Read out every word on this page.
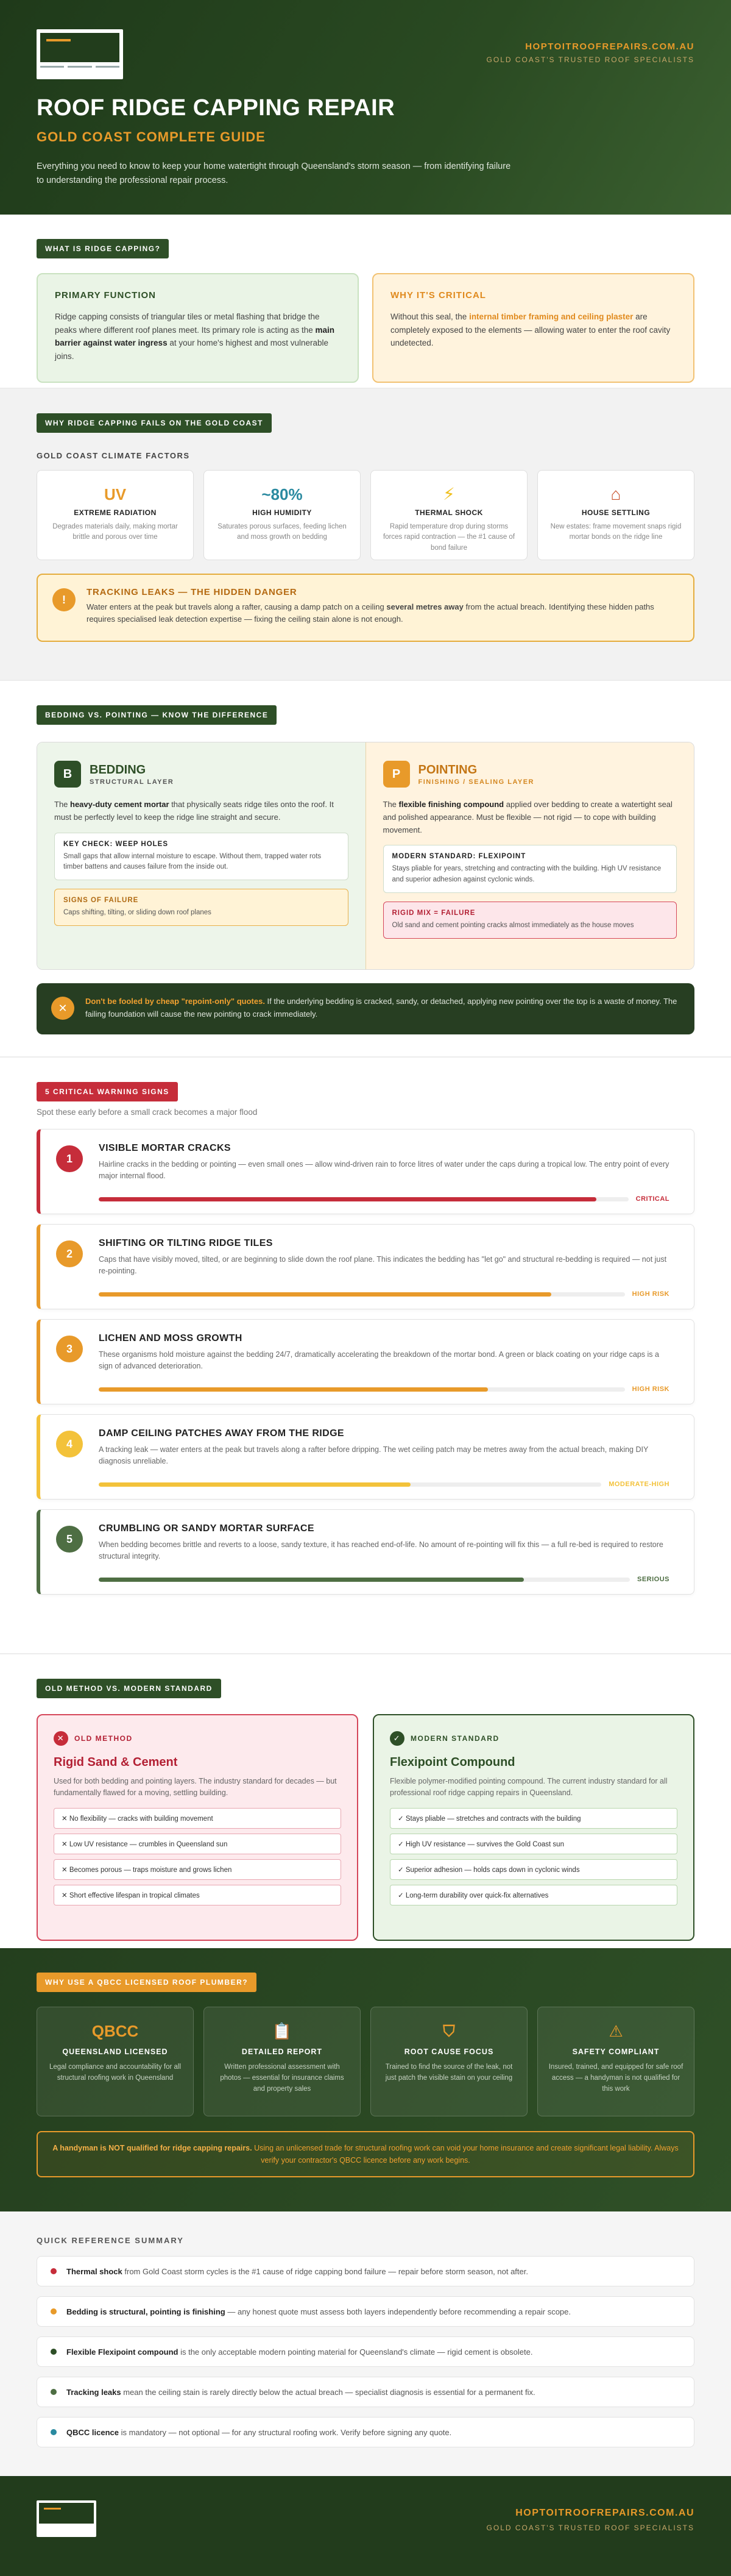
HOPTOITROOFREPAIRS.COM.AU
GOLD COAST'S TRUSTED ROOF SPECIALISTS
ROOF RIDGE CAPPING REPAIR
GOLD COAST COMPLETE GUIDE

Everything you need to know to keep your home watertight through Queensland's storm season — from identifying failure to understanding the professional repair process.

WHAT IS RIDGE CAPPING?
PRIMARY FUNCTION

Ridge capping consists of triangular tiles or metal flashing that bridge the peaks where different roof planes meet. Its primary role is acting as the main barrier against water ingress at your home's highest and most vulnerable joins.

WHY IT'S CRITICAL

Without this seal, the internal timber framing and ceiling plaster are completely exposed to the elements — allowing water to enter the roof cavity undetected.

WHY RIDGE CAPPING FAILS ON THE GOLD COAST
GOLD COAST CLIMATE FACTORS
UV
EXTREME RADIATION
Degrades materials daily, making mortar brittle and porous over time
~80%
HIGH HUMIDITY
Saturates porous surfaces, feeding lichen and moss growth on bedding
⚡
THERMAL SHOCK
Rapid temperature drop during storms forces rapid contraction — the #1 cause of bond failure
⌂
HOUSE SETTLING
New estates: frame movement snaps rigid mortar bonds on the ridge line
!
TRACKING LEAKS — THE HIDDEN DANGER

Water enters at the peak but travels along a rafter, causing a damp patch on a ceiling several metres away from the actual breach. Identifying these hidden paths requires specialised leak detection expertise — fixing the ceiling stain alone is not enough.

BEDDING VS. POINTING — KNOW THE DIFFERENCE
B	BEDDING
STRUCTURAL LAYER

The heavy-duty cement mortar that physically seats ridge tiles onto the roof. It must be perfectly level to keep the ridge line straight and secure.

KEY CHECK: WEEP HOLES

Small gaps that allow internal moisture to escape. Without them, trapped water rots timber battens and causes failure from the inside out.

SIGNS OF FAILURE

Caps shifting, tilting, or sliding down roof planes

P	POINTING
FINISHING / SEALING LAYER

The flexible finishing compound applied over bedding to create a watertight seal and polished appearance. Must be flexible — not rigid — to cope with building movement.

MODERN STANDARD: FLEXIPOINT

Stays pliable for years, stretching and contracting with the building. High UV resistance and superior adhesion against cyclonic winds.

RIGID MIX = FAILURE

Old sand and cement pointing cracks almost immediately as the house moves

✕
Don't be fooled by cheap "repoint-only" quotes. If the underlying bedding is cracked, sandy, or detached, applying new pointing over the top is a waste of money. The failing foundation will cause the new pointing to crack immediately.
5 CRITICAL WARNING SIGNS
Spot these early before a small crack becomes a major flood
1
VISIBLE MORTAR CRACKS

Hairline cracks in the bedding or pointing — even small ones — allow wind-driven rain to force litres of water under the caps during a tropical low. The entry point of every major internal flood.

CRITICAL
2
SHIFTING OR TILTING RIDGE TILES

Caps that have visibly moved, tilted, or are beginning to slide down the roof plane. This indicates the bedding has "let go" and structural re-bedding is required — not just re-pointing.

HIGH RISK
3
LICHEN AND MOSS GROWTH

These organisms hold moisture against the bedding 24/7, dramatically accelerating the breakdown of the mortar bond. A green or black coating on your ridge caps is a sign of advanced deterioration.

HIGH RISK
4
DAMP CEILING PATCHES AWAY FROM THE RIDGE

A tracking leak — water enters at the peak but travels along a rafter before dripping. The wet ceiling patch may be metres away from the actual breach, making DIY diagnosis unreliable.

MODERATE-HIGH
5
CRUMBLING OR SANDY MORTAR SURFACE

When bedding becomes brittle and reverts to a loose, sandy texture, it has reached end-of-life. No amount of re-pointing will fix this — a full re-bed is required to restore structural integrity.

SERIOUS
OLD METHOD VS. MODERN STANDARD
✕	OLD METHOD
Rigid Sand & Cement

Used for both bedding and pointing layers. The industry standard for decades — but fundamentally flawed for a moving, settling building.

✕ No flexibility — cracks with building movement
✕ Low UV resistance — crumbles in Queensland sun
✕ Becomes porous — traps moisture and grows lichen
✕ Short effective lifespan in tropical climates
✓	MODERN STANDARD
Flexipoint Compound

Flexible polymer-modified pointing compound. The current industry standard for all professional roof ridge capping repairs in Queensland.

✓ Stays pliable — stretches and contracts with the building
✓ High UV resistance — survives the Gold Coast sun
✓ Superior adhesion — holds caps down in cyclonic winds
✓ Long-term durability over quick-fix alternatives
WHY USE A QBCC LICENSED ROOF PLUMBER?
QBCC
QUEENSLAND LICENSED
Legal compliance and accountability for all structural roofing work in Queensland
📋
DETAILED REPORT
Written professional assessment with photos — essential for insurance claims and property sales
⛉
ROOT CAUSE FOCUS
Trained to find the source of the leak, not just patch the visible stain on your ceiling
⚠
SAFETY COMPLIANT
Insured, trained, and equipped for safe roof access — a handyman is not qualified for this work
A handyman is NOT qualified for ridge capping repairs. Using an unlicensed trade for structural roofing work can void your home insurance and create significant legal liability. Always verify your contractor's QBCC licence before any work begins.
QUICK REFERENCE SUMMARY
Thermal shock from Gold Coast storm cycles is the #1 cause of ridge capping bond failure — repair before storm season, not after.
Bedding is structural, pointing is finishing — any honest quote must assess both layers independently before recommending a repair scope.
Flexible Flexipoint compound is the only acceptable modern pointing material for Queensland's climate — rigid cement is obsolete.
Tracking leaks mean the ceiling stain is rarely directly below the actual breach — specialist diagnosis is essential for a permanent fix.
QBCC licence is mandatory — not optional — for any structural roofing work. Verify before signing any quote.
HOPTOITROOFREPAIRS.COM.AU
GOLD COAST'S TRUSTED ROOF SPECIALISTS
